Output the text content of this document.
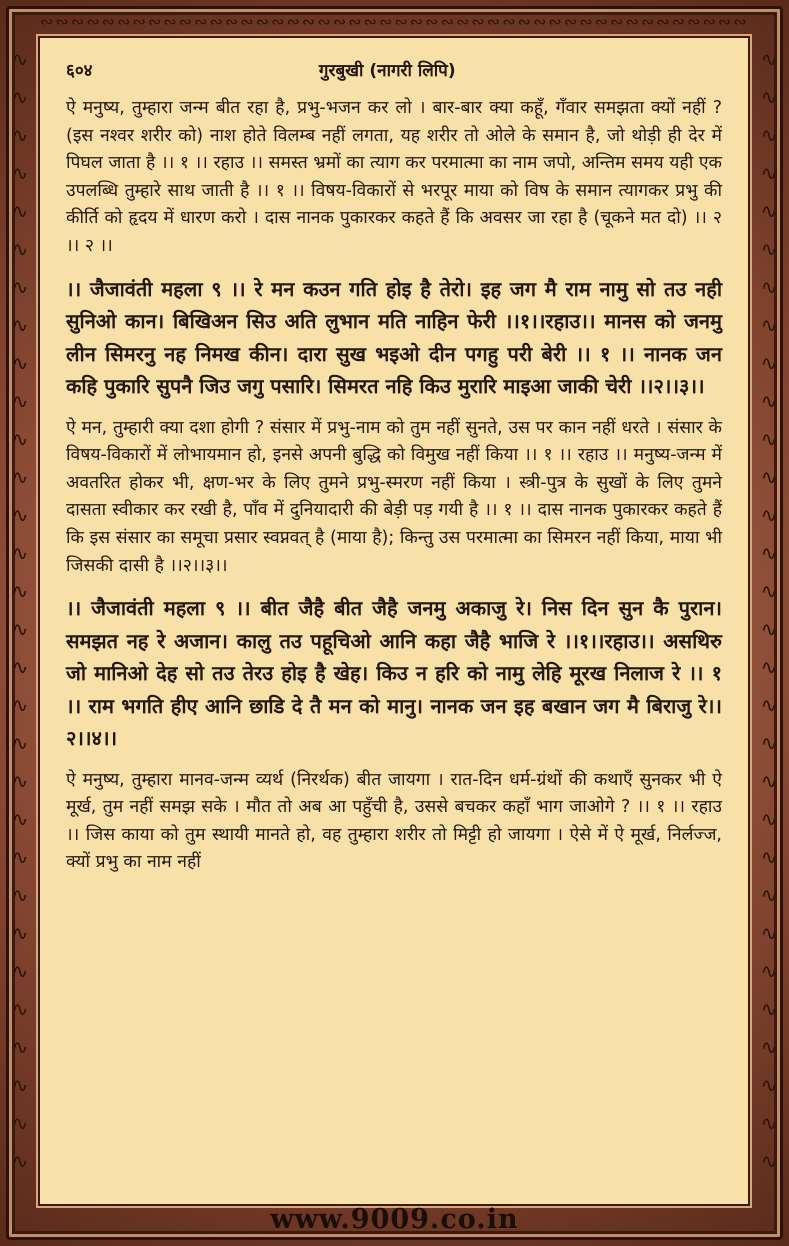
∾∾∾∾∾∾∾∾∾∾∾∾∾∾∾∾∾∾∾∾∾∾∾∾∾∾∾∾∾∾∾∾∾∾∾∾∾∾∾∾∾∾∾∾∾∾
∿
∿
∿
∿
∿
∿
∿
∿
∿
∿
∿
∿
∿
∿
∿
∿
∿
∿
∿
∿
∿
∿
∿
∿
∿
∿
∿
∿
∿
∿
∿
∿
∿
∿
∿
∿
∿
∿
∿
∿
∿
∿
∿
∿
∿
∿
∿
∿
∿
∿
∿
∿
∿
∿
∿
∿
∿
∿
∿
∿
६०४	गुरबुखी (नागरी लिपि)

ऐ मनुष्य, तुम्हारा जन्म बीत रहा है, प्रभु-भजन कर लो । बार-बार क्या कहूँ, गँवार समझता क्यों नहीं ? (इस नश्वर शरीर को) नाश होते विलम्ब नहीं लगता, यह शरीर तो ओले के समान है, जो थोड़ी ही देर में पिघल जाता है ।। १ ।। रहाउ ।। समस्त भ्रमों का त्याग कर परमात्मा का नाम जपो, अन्तिम समय यही एक उपलब्धि तुम्हारे साथ जाती है ।। १ ।। विषय-विकारों से भरपूर माया को विष के समान त्यागकर प्रभु की कीर्ति को हृदय में धारण करो । दास नानक पुकारकर कहते हैं कि अवसर जा रहा है (चूकने मत दो) ।। २ ।। २ ।।

।। जैजावंती महला ९ ।। रे मन कउन गति होइ है तेरो। इह जग मै राम नामु सो तउ नही सुनिओ कान। बिखिअन सिउ अति लुभान मति नाहिन फेरी ।।१।।रहाउ।। मानस को जनमु लीन सिमरनु नह निमख कीन। दारा सुख भइओ दीन पगहु परी बेरी ।। १ ।। नानक जन कहि पुकारि सुपनै जिउ जगु पसारि। सिमरत नहि किउ मुरारि माइआ जाकी चेरी ।।२।।३।।

ऐ मन, तुम्हारी क्या दशा होगी ? संसार में प्रभु-नाम को तुम नहीं सुनते, उस पर कान नहीं धरते । संसार के विषय-विकारों में लोभायमान हो, इनसे अपनी बुद्धि को विमुख नहीं किया ।। १ ।। रहाउ ।। मनुष्य-जन्म में अवतरित होकर भी, क्षण-भर के लिए तुमने प्रभु-स्मरण नहीं किया । स्त्री-पुत्र के सुखों के लिए तुमने दासता स्वीकार कर रखी है, पाँव में दुनियादारी की बेड़ी पड़ गयी है ।। १ ।। दास नानक पुकारकर कहते हैं कि इस संसार का समूचा प्रसार स्वप्नवत् है (माया है); किन्तु उस परमात्मा का सिमरन नहीं किया, माया भी जिसकी दासी है ।।२।।३।।

।। जैजावंती महला ९ ।। बीत जैहै बीत जैहै जनमु अकाजु रे। निस दिन सुन कै पुरान। समझत नह रे अजान। कालु तउ पहूचिओ आनि कहा जैहै भाजि रे ।।१।।रहाउ।। असथिरु जो मानिओ देह सो तउ तेरउ होइ है खेह। किउ न हरि को नामु लेहि मूरख निलाज रे ।। १ ।। राम भगति हीए आनि छाडि दे तै मन को मानु। नानक जन इह बखान जग मै बिराजु रे।।२।।४।।

ऐ मनुष्य, तुम्हारा मानव-जन्म व्यर्थ (निरर्थक) बीत जायगा । रात-दिन धर्म-ग्रंथों की कथाएँ सुनकर भी ऐ मूर्ख, तुम नहीं समझ सके । मौत तो अब आ पहुँची है, उससे बचकर कहाँ भाग जाओगे ? ।। १ ।। रहाउ ।। जिस काया को तुम स्थायी मानते हो, वह तुम्हारा शरीर तो मिट्टी हो जायगा । ऐसे में ऐ मूर्ख, निर्लज्ज, क्यों प्रभु का नाम नहीं

www.9009.co.in
